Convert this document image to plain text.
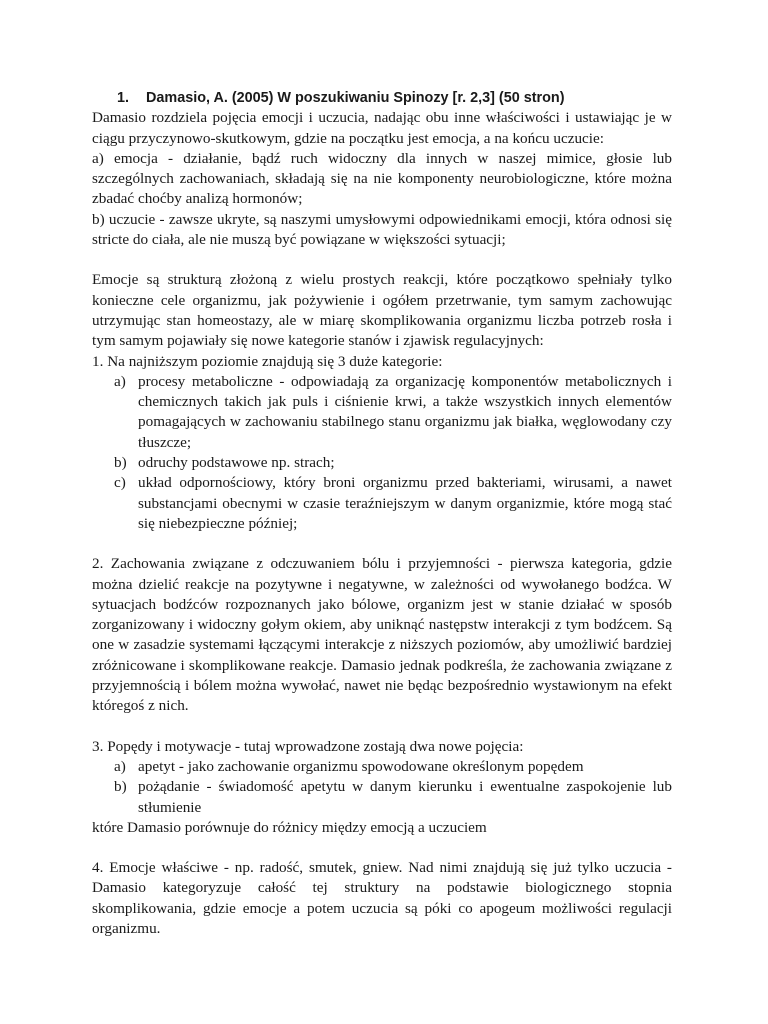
1. Damasio, A. (2005) W poszukiwaniu Spinozy [r. 2,3] (50 stron)

Damasio rozdziela pojęcia emocji i uczucia, nadając obu inne właściwości i ustawiając je w ciągu przyczynowo-skutkowym, gdzie na początku jest emocja, a na końcu uczucie:

a) emocja - działanie, bądź ruch widoczny dla innych w naszej mimice, głosie lub szczególnych zachowaniach, składają się na nie komponenty neurobiologiczne, które można zbadać choćby analizą hormonów;

b) uczucie - zawsze ukryte, są naszymi umysłowymi odpowiednikami emocji, która odnosi się stricte do ciała, ale nie muszą być powiązane w większości sytuacji;

Emocje są strukturą złożoną z wielu prostych reakcji, które początkowo spełniały tylko konieczne cele organizmu, jak pożywienie i ogółem przetrwanie, tym samym zachowując utrzymując stan homeostazy, ale w miarę skomplikowania organizmu liczba potrzeb rosła i tym samym pojawiały się nowe kategorie stanów i zjawisk regulacyjnych:

1. Na najniższym poziomie znajdują się 3 duże kategorie:

a) procesy metaboliczne - odpowiadają za organizację komponentów metabolicznych i chemicznych takich jak puls i ciśnienie krwi, a także wszystkich innych elementów pomagających w zachowaniu stabilnego stanu organizmu jak białka, węglowodany czy tłuszcze;
b) odruchy podstawowe np. strach;
c) układ odpornościowy, który broni organizmu przed bakteriami, wirusami, a nawet substancjami obecnymi w czasie teraźniejszym w danym organizmie, które mogą stać się niebezpieczne później;

2. Zachowania związane z odczuwaniem bólu i przyjemności - pierwsza kategoria, gdzie można dzielić reakcje na pozytywne i negatywne, w zależności od wywołanego bodźca. W sytuacjach bodźców rozpoznanych jako bólowe, organizm jest w stanie działać w sposób zorganizowany i widoczny gołym okiem, aby uniknąć następstw interakcji z tym bodźcem. Są one w zasadzie systemami łączącymi interakcje z niższych poziomów, aby umożliwić bardziej zróżnicowane i skomplikowane reakcje. Damasio jednak podkreśla, że zachowania związane z przyjemnością i bólem można wywołać, nawet nie będąc bezpośrednio wystawionym na efekt któregoś z nich.

3. Popędy i motywacje - tutaj wprowadzone zostają dwa nowe pojęcia:

a) apetyt - jako zachowanie organizmu spowodowane określonym popędem
b) pożądanie - świadomość apetytu w danym kierunku i ewentualne zaspokojenie lub stłumienie

które Damasio porównuje do różnicy między emocją a uczuciem

4. Emocje właściwe - np. radość, smutek, gniew. Nad nimi znajdują się już tylko uczucia - Damasio kategoryzuje całość tej struktury na podstawie biologicznego stopnia skomplikowania, gdzie emocje a potem uczucia są póki co apogeum możliwości regulacji organizmu.
